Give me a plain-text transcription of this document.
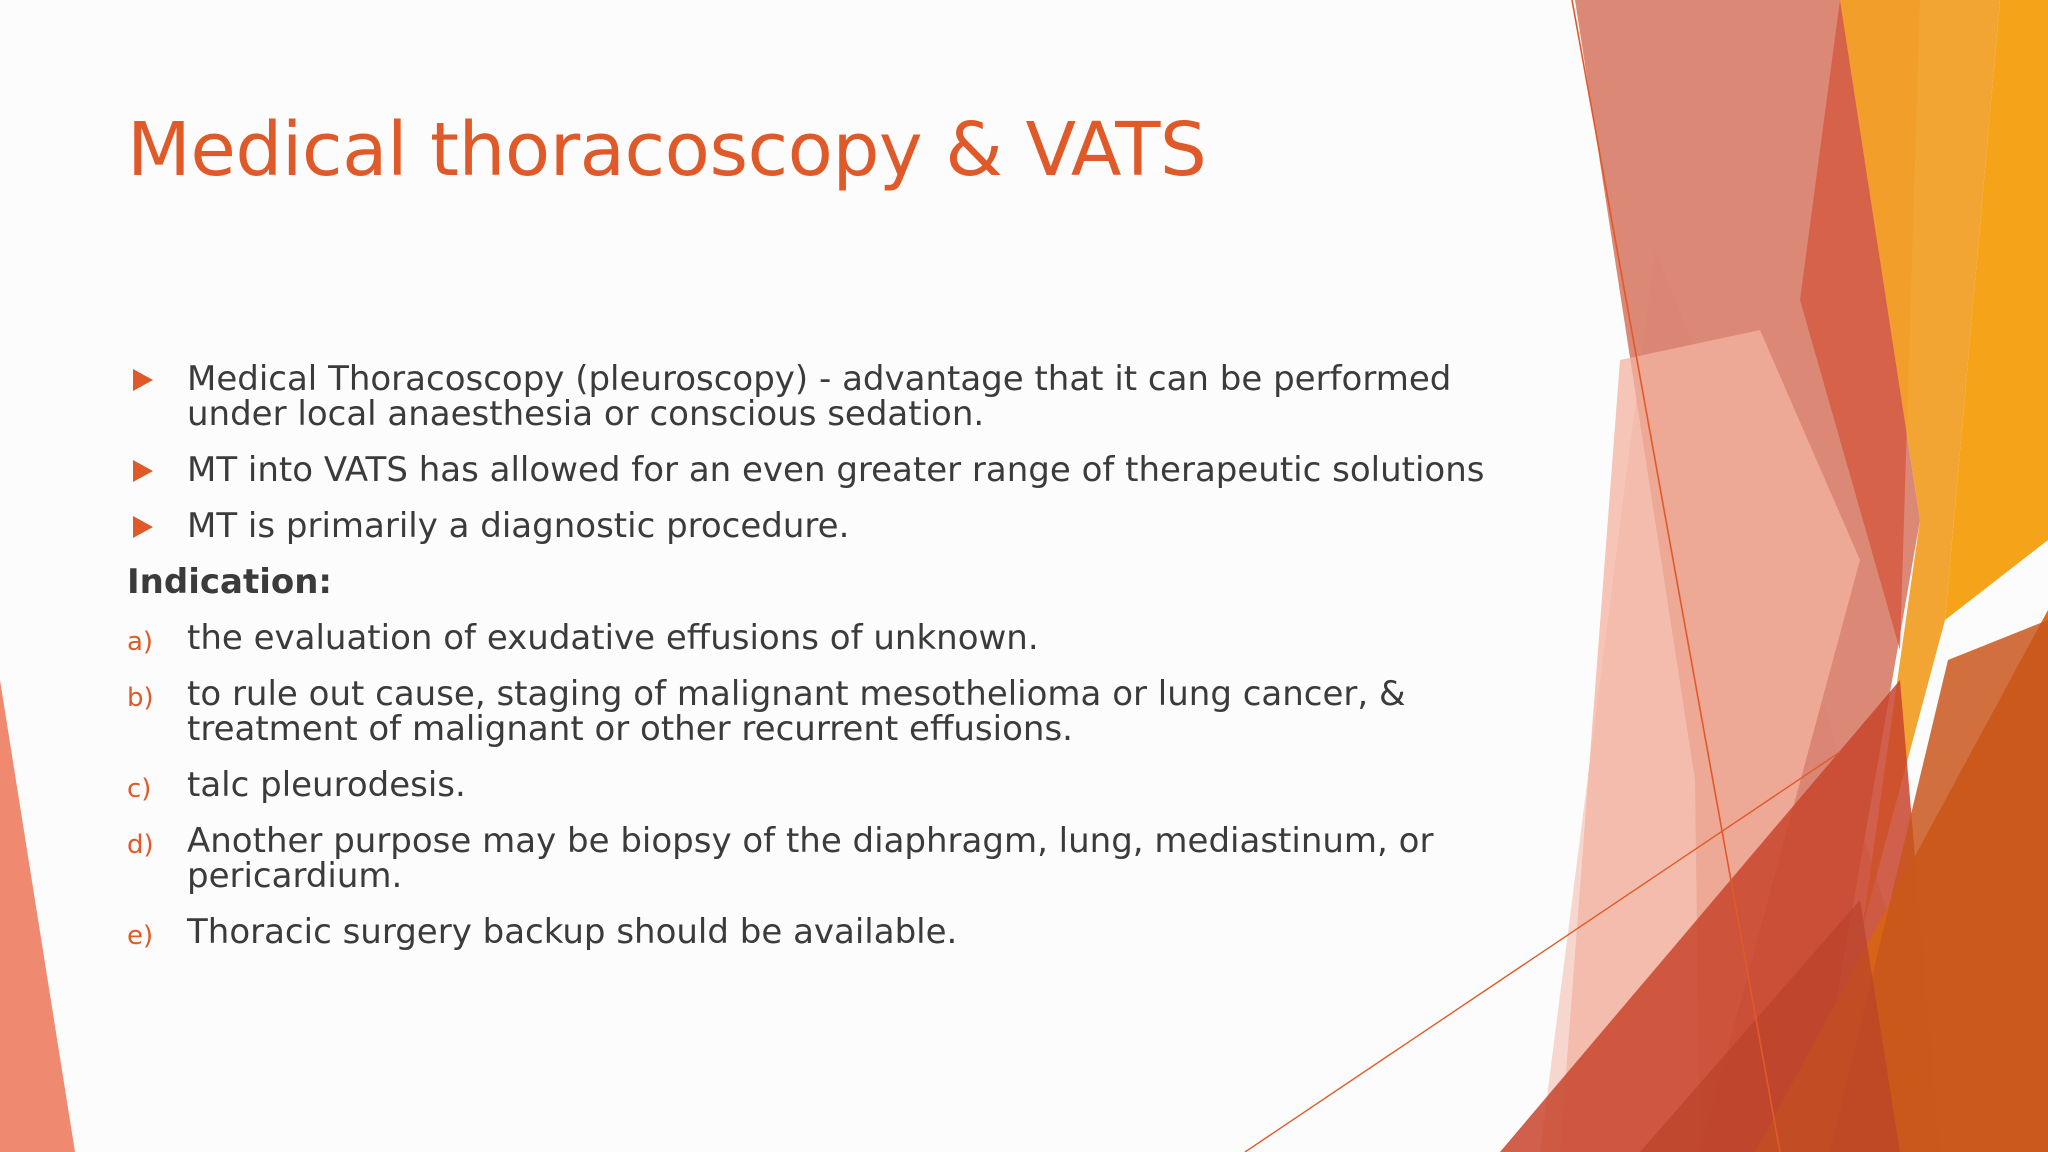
Medical thoracoscopy & VATS
Medical Thoracoscopy (pleuroscopy) - advantage that it can be performed under local anaesthesia or conscious sedation.
MT into VATS has allowed for an even greater range of therapeutic solutions
MT is primarily a diagnostic procedure.
Indication:
a) the evaluation of exudative effusions of unknown.
b) to rule out cause, staging of malignant mesothelioma or lung cancer, & treatment of malignant or other recurrent effusions.
c) talc pleurodesis.
d) Another purpose may be biopsy of the diaphragm, lung, mediastinum, or pericardium.
e) Thoracic surgery backup should be available.
